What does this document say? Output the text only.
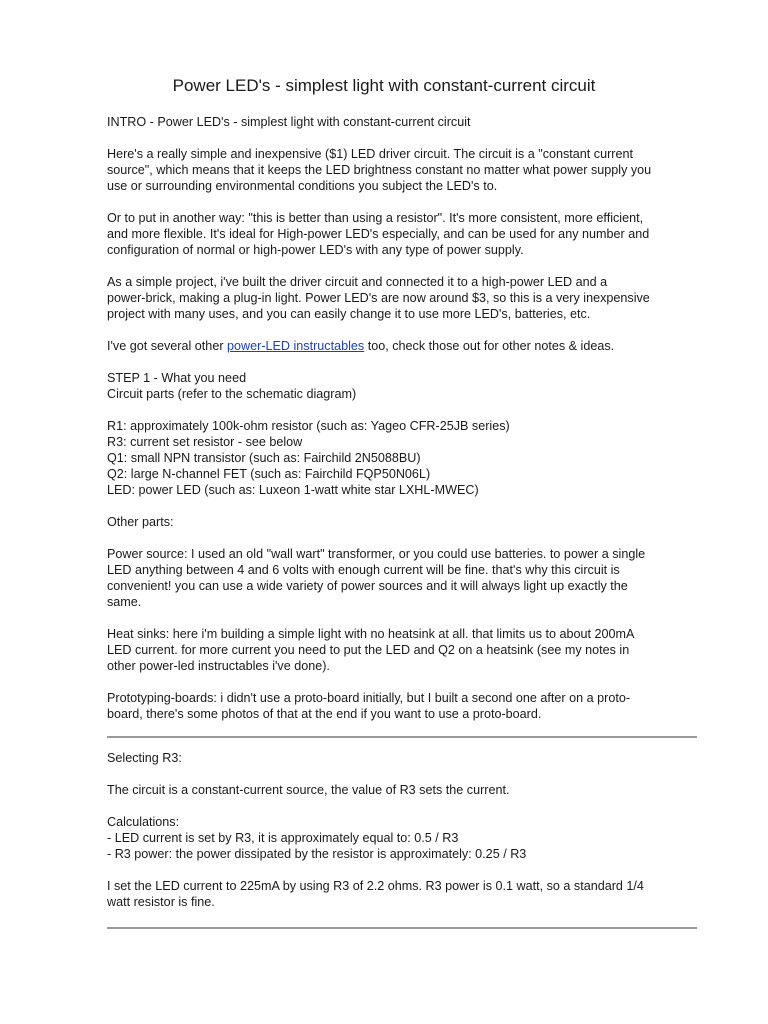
Power LED's - simplest light with constant-current circuit

INTRO - Power LED's - simplest light with constant-current circuit

Here's a really simple and inexpensive ($1) LED driver circuit. The circuit is a "constant current
source", which means that it keeps the LED brightness constant no matter what power supply you
use or surrounding environmental conditions you subject the LED's to.

Or to put in another way: "this is better than using a resistor". It's more consistent, more efficient,
and more flexible. It's ideal for High-power LED's especially, and can be used for any number and
configuration of normal or high-power LED's with any type of power supply.

As a simple project, i've built the driver circuit and connected it to a high-power LED and a
power-brick, making a plug-in light. Power LED's are now around $3, so this is a very inexpensive
project with many uses, and you can easily change it to use more LED's, batteries, etc.

I've got several other power-LED instructables too, check those out for other notes & ideas.

STEP 1 - What you need
Circuit parts (refer to the schematic diagram)

R1: approximately 100k-ohm resistor (such as: Yageo CFR-25JB series)
R3: current set resistor - see below
Q1: small NPN transistor (such as: Fairchild 2N5088BU)
Q2: large N-channel FET (such as: Fairchild FQP50N06L)
LED: power LED (such as: Luxeon 1-watt white star LXHL-MWEC)

Other parts:

Power source: I used an old "wall wart" transformer, or you could use batteries. to power a single
LED anything between 4 and 6 volts with enough current will be fine. that's why this circuit is
convenient! you can use a wide variety of power sources and it will always light up exactly the
same.

Heat sinks: here i'm building a simple light with no heatsink at all. that limits us to about 200mA
LED current. for more current you need to put the LED and Q2 on a heatsink (see my notes in
other power-led instructables i've done).

Prototyping-boards: i didn't use a proto-board initially, but I built a second one after on a proto-
board, there's some photos of that at the end if you want to use a proto-board.

Selecting R3:

The circuit is a constant-current source, the value of R3 sets the current.

Calculations:
- LED current is set by R3, it is approximately equal to: 0.5 / R3
- R3 power: the power dissipated by the resistor is approximately: 0.25 / R3

I set the LED current to 225mA by using R3 of 2.2 ohms. R3 power is 0.1 watt, so a standard 1/4
watt resistor is fine.
